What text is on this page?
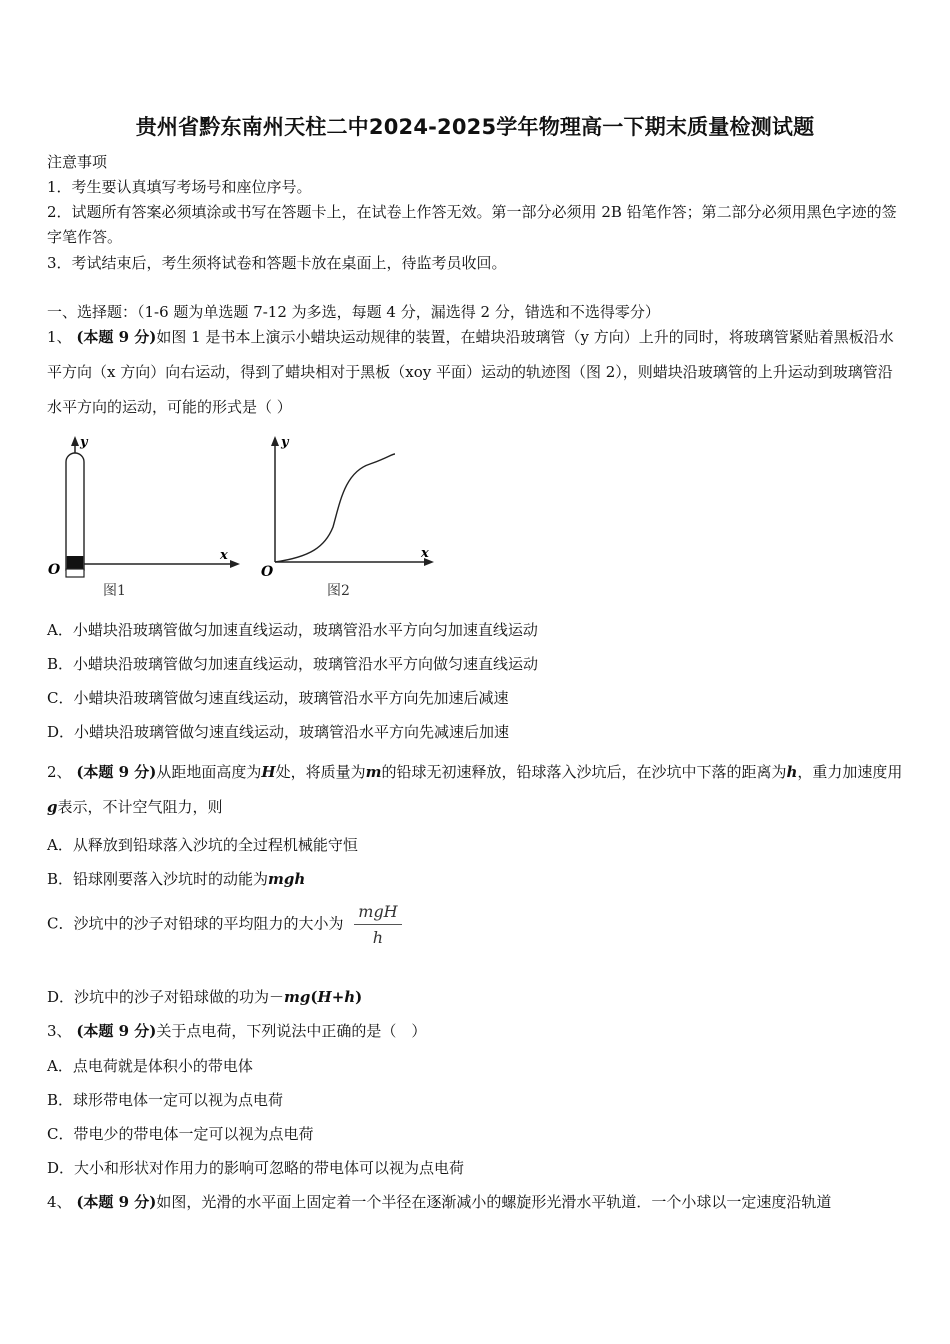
贵州省黔东南州天柱二中2024-2025学年物理高一下期末质量检测试题
注意事项
1．考生要认真填写考场号和座位序号。
2．试题所有答案必须填涂或书写在答题卡上，在试卷上作答无效。第一部分必须用 2B 铅笔作答；第二部分必须用黑色字迹的签字笔作答。
3．考试结束后，考生须将试卷和答题卡放在桌面上，待监考员收回。
一、选择题：（1-6 题为单选题 7-12 为多选，每题 4 分，漏选得 2 分，错选和不选得零分）
1、 (本题 9 分)如图 1 是书本上演示小蜡块运动规律的装置，在蜡块沿玻璃管（y 方向）上升的同时，将玻璃管紧贴着黑板沿水平方向（x 方向）向右运动，得到了蜡块相对于黑板（xoy 平面）运动的轨迹图（图 2），则蜡块沿玻璃管的上升运动到玻璃管沿水平方向的运动，可能的形式是（ ）
O
y
x
图1
O
y
x
图2
A．小蜡块沿玻璃管做匀加速直线运动，玻璃管沿水平方向匀加速直线运动
B．小蜡块沿玻璃管做匀加速直线运动，玻璃管沿水平方向做匀速直线运动
C．小蜡块沿玻璃管做匀速直线运动，玻璃管沿水平方向先加速后减速
D．小蜡块沿玻璃管做匀速直线运动，玻璃管沿水平方向先减速后加速
2、 (本题 9 分)从距地面高度为H处，将质量为m的铅球无初速释放，铅球落入沙坑后，在沙坑中下落的距离为h，重力加速度用g表示，不计空气阻力，则
A．从释放到铅球落入沙坑的全过程机械能守恒
B．铅球刚要落入沙坑时的动能为mgh
C．沙坑中的沙子对铅球的平均阻力的大小为 $\frac{\text{mgH}}{h}$
D．沙坑中的沙子对铅球做的功为－mg(H+h)
3、 (本题 9 分)关于点电荷，下列说法中正确的是（　）
A．点电荷就是体积小的带电体
B．球形带电体一定可以视为点电荷
C．带电少的带电体一定可以视为点电荷
D．大小和形状对作用力的影响可忽略的带电体可以视为点电荷
4、 (本题 9 分)如图，光滑的水平面上固定着一个半径在逐渐减小的螺旋形光滑水平轨道．一个小球以一定速度沿轨道
